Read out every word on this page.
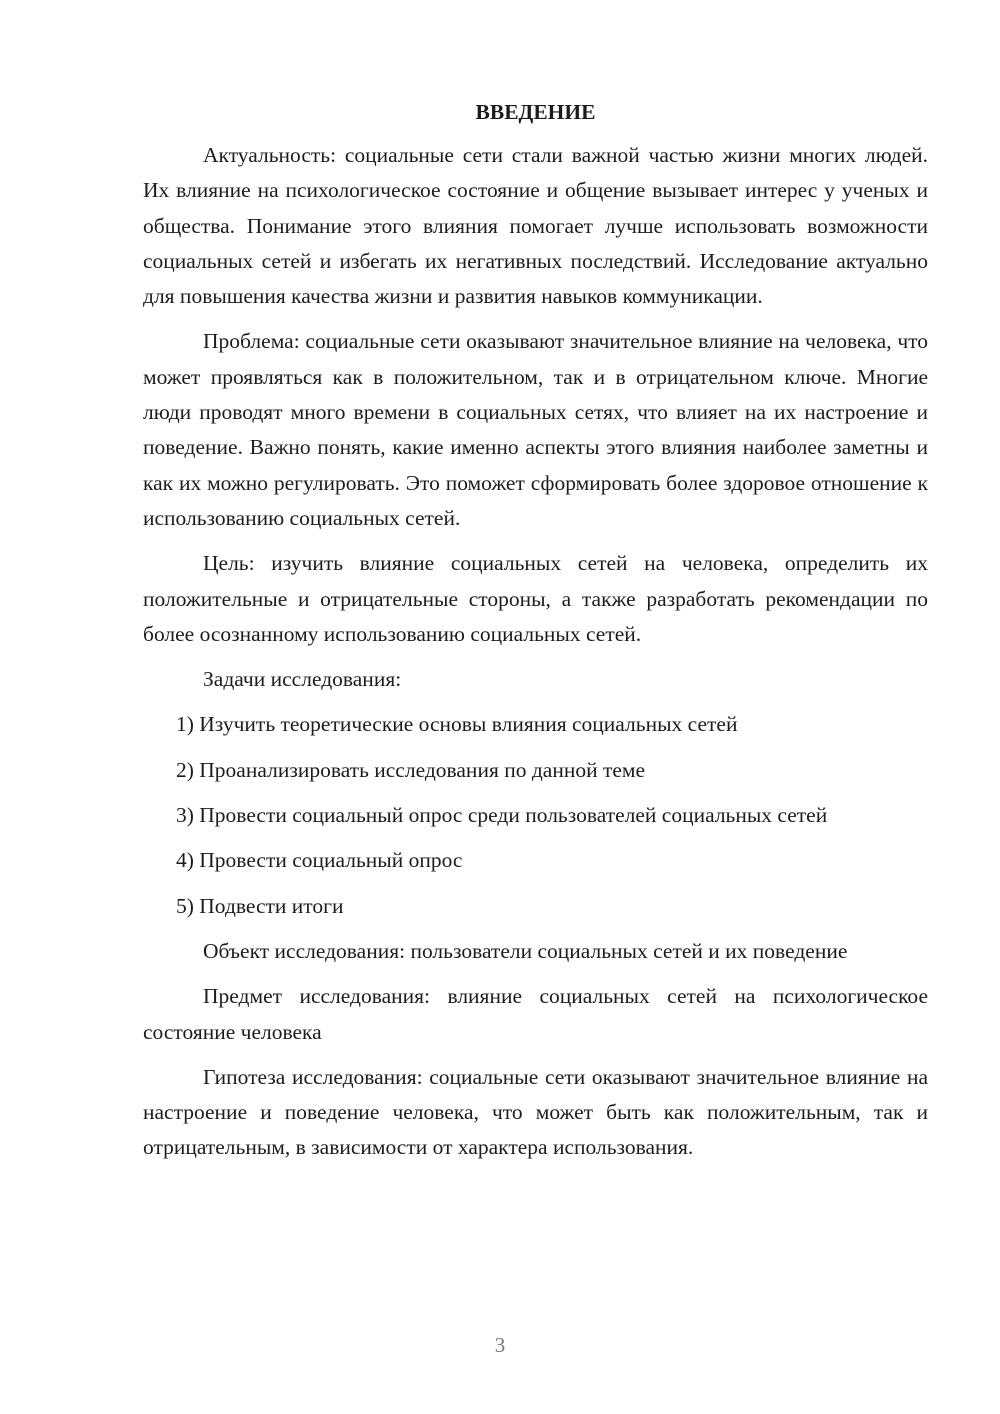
ВВЕДЕНИЕ

Актуальность: социальные сети стали важной частью жизни многих людей. Их влияние на психологическое состояние и общение вызывает интерес у ученых и общества. Понимание этого влияния помогает лучше использовать возможности социальных сетей и избегать их негативных последствий. Исследование актуально для повышения качества жизни и развития навыков коммуникации.

Проблема: социальные сети оказывают значительное влияние на человека, что может проявляться как в положительном, так и в отрицательном ключе. Многие люди проводят много времени в социальных сетях, что влияет на их настроение и поведение. Важно понять, какие именно аспекты этого влияния наиболее заметны и как их можно регулировать. Это поможет сформировать более здоровое отношение к использованию социальных сетей.

Цель: изучить влияние социальных сетей на человека, определить их положительные и отрицательные стороны, а также разработать рекомендации по более осознанному использованию социальных сетей.

Задачи исследования:

1) Изучить теоретические основы влияния социальных сетей

2) Проанализировать исследования по данной теме

3) Провести социальный опрос среди пользователей социальных сетей

4) Провести социальный опрос

5) Подвести итоги

Объект исследования: пользователи социальных сетей и их поведение

Предмет исследования: влияние социальных сетей на психологическое состояние человека

Гипотеза исследования: социальные сети оказывают значительное влияние на настроение и поведение человека, что может быть как положительным, так и отрицательным, в зависимости от характера использования.

3
